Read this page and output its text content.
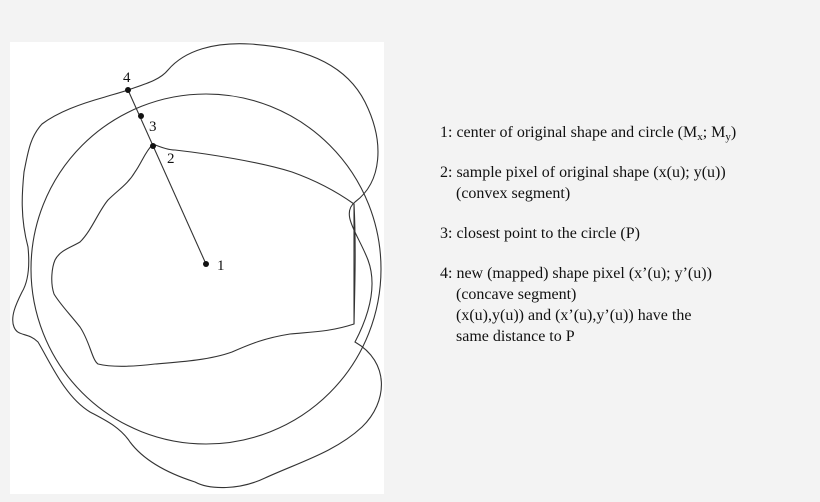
1
2
3
4
1: center of original shape and circle ($M_x$; $M_y$)
2: sample pixel of original shape (x(u); y(u))
(convex segment)
3: closest point to the circle (P)
4: new (mapped) shape pixel (x’(u); y’(u))
(concave segment)
(x(u),y(u)) and (x’(u),y’(u)) have the
same distance to P
